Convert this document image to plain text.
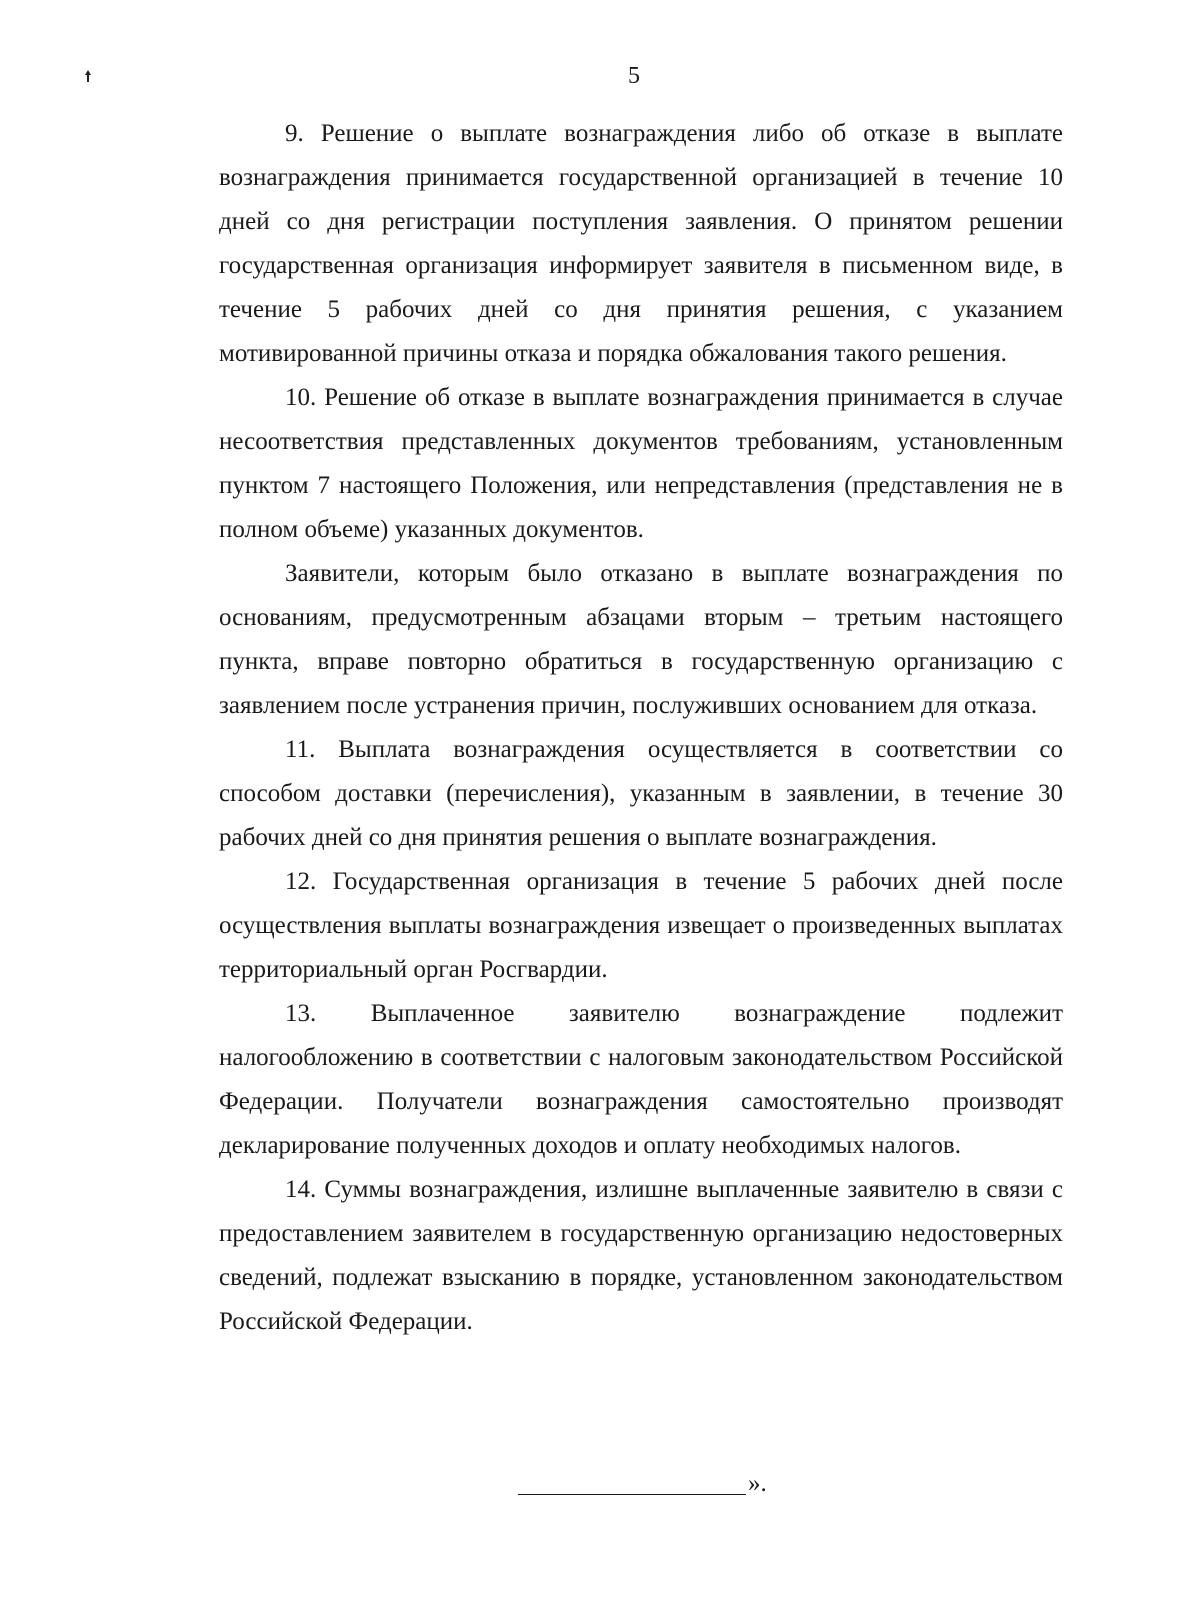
5

9. Решение о выплате вознаграждения либо об отказе в выплате вознаграждения принимается государственной организацией в течение 10 дней со дня регистрации поступления заявления. О принятом решении государственная организация информирует заявителя в письменном виде, в течение 5 рабочих дней со дня принятия решения, с указанием мотивированной причины отказа и порядка обжалования такого решения.

10. Решение об отказе в выплате вознаграждения принимается в случае несоответствия представленных документов требованиям, установленным пунктом 7 настоящего Положения, или непредставления (представления не в полном объеме) указанных документов.

Заявители, которым было отказано в выплате вознаграждения по основаниям, предусмотренным абзацами вторым – третьим настоящего пункта, вправе повторно обратиться в государственную организацию с заявлением после устранения причин, послуживших основанием для отказа.

11. Выплата вознаграждения осуществляется в соответствии со способом доставки (перечисления), указанным в заявлении, в течение 30 рабочих дней со дня принятия решения о выплате вознаграждения.

12. Государственная организация в течение 5 рабочих дней после осуществления выплаты вознаграждения извещает о произведенных выплатах территориальный орган Росгвардии.

13. Выплаченное заявителю вознаграждение подлежит налогообложению в соответствии с налоговым законодательством Российской Федерации. Получатели вознаграждения самостоятельно производят декларирование полученных доходов и оплату необходимых налогов.

14. Суммы вознаграждения, излишне выплаченные заявителю в связи с предоставлением заявителем в государственную организацию недостоверных сведений, подлежат взысканию в порядке, установленном законодательством Российской Федерации.

».
